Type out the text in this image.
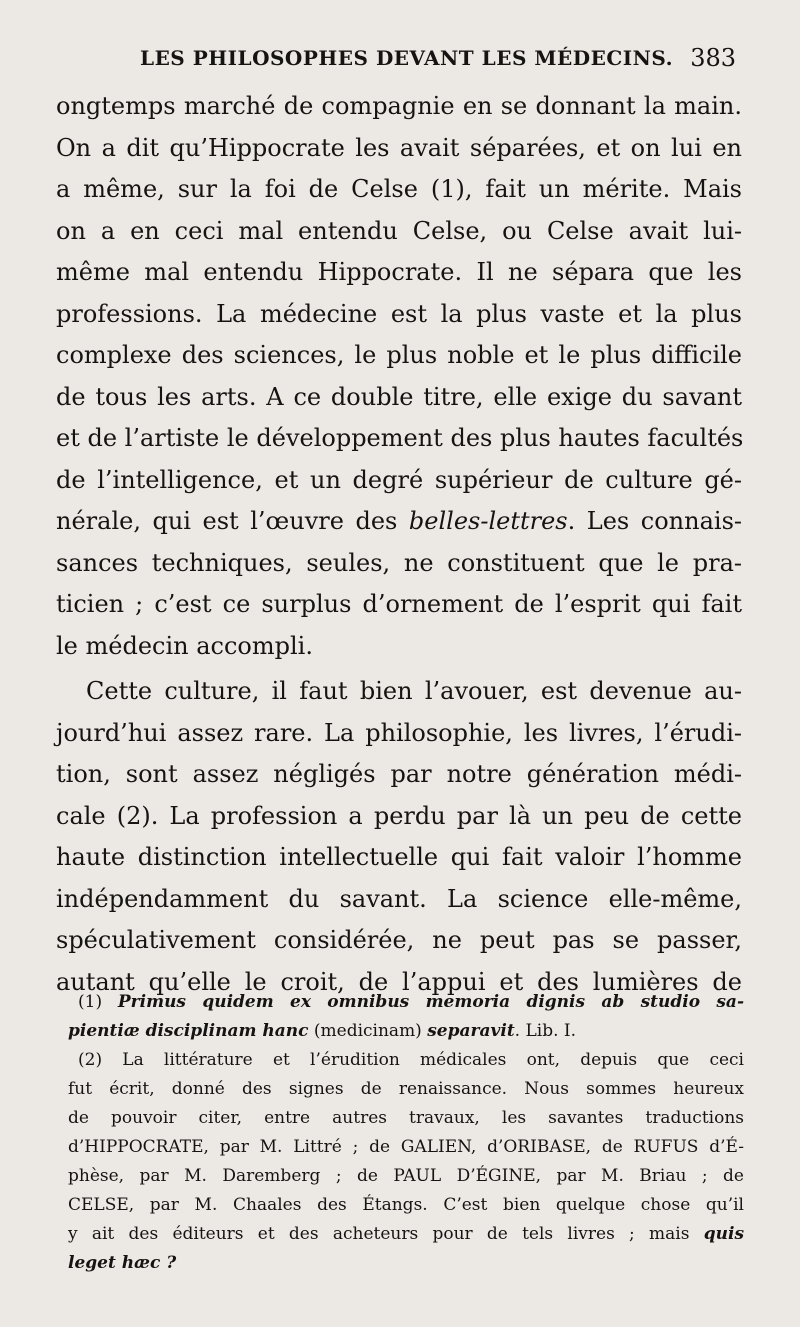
LES PHILOSOPHES DEVANT LES MÉDECINS. 383

ongtemps marché de compagnie en se donnant la main.
On a dit qu’Hippocrate les avait séparées, et on lui en
a même, sur la foi de Celse (1), fait un mérite. Mais
on a en ceci mal entendu Celse, ou Celse avait lui-
même mal entendu Hippocrate. Il ne sépara que les
professions. La médecine est la plus vaste et la plus
complexe des sciences, le plus noble et le plus difficile
de tous les arts. A ce double titre, elle exige du savant
et de l’artiste le développement des plus hautes facultés
de l’intelligence, et un degré supérieur de culture gé-
nérale, qui est l’œuvre des belles-lettres. Les connais-
sances techniques, seules, ne constituent que le pra-
ticien ; c’est ce surplus d’ornement de l’esprit qui fait
le médecin accompli.

Cette culture, il faut bien l’avouer, est devenue au-
jourd’hui assez rare. La philosophie, les livres, l’érudi-
tion, sont assez négligés par notre génération médi-
cale (2). La profession a perdu par là un peu de cette
haute distinction intellectuelle qui fait valoir l’homme
indépendamment du savant. La science elle-même,
spéculativement considérée, ne peut pas se passer,
autant qu’elle le croit, de l’appui et des lumières de

(1) Primus quidem ex omnibus memoria dignis ab studio sa-
pientiæ disciplinam hanc (medicinam) separavit. Lib. I.

(2) La littérature et l’érudition médicales ont, depuis que ceci
fut écrit, donné des signes de renaissance. Nous sommes heureux
de pouvoir citer, entre autres travaux, les savantes traductions
d’HIPPOCRATE, par M. Littré ; de GALIEN, d’ORIBASE, de RUFUS d’É-
phèse, par M. Daremberg ; de PAUL D’ÉGINE, par M. Briau ; de
CELSE, par M. Chaales des Étangs. C’est bien quelque chose qu’il
y ait des éditeurs et des acheteurs pour de tels livres ; mais quis
leget hæc ?
